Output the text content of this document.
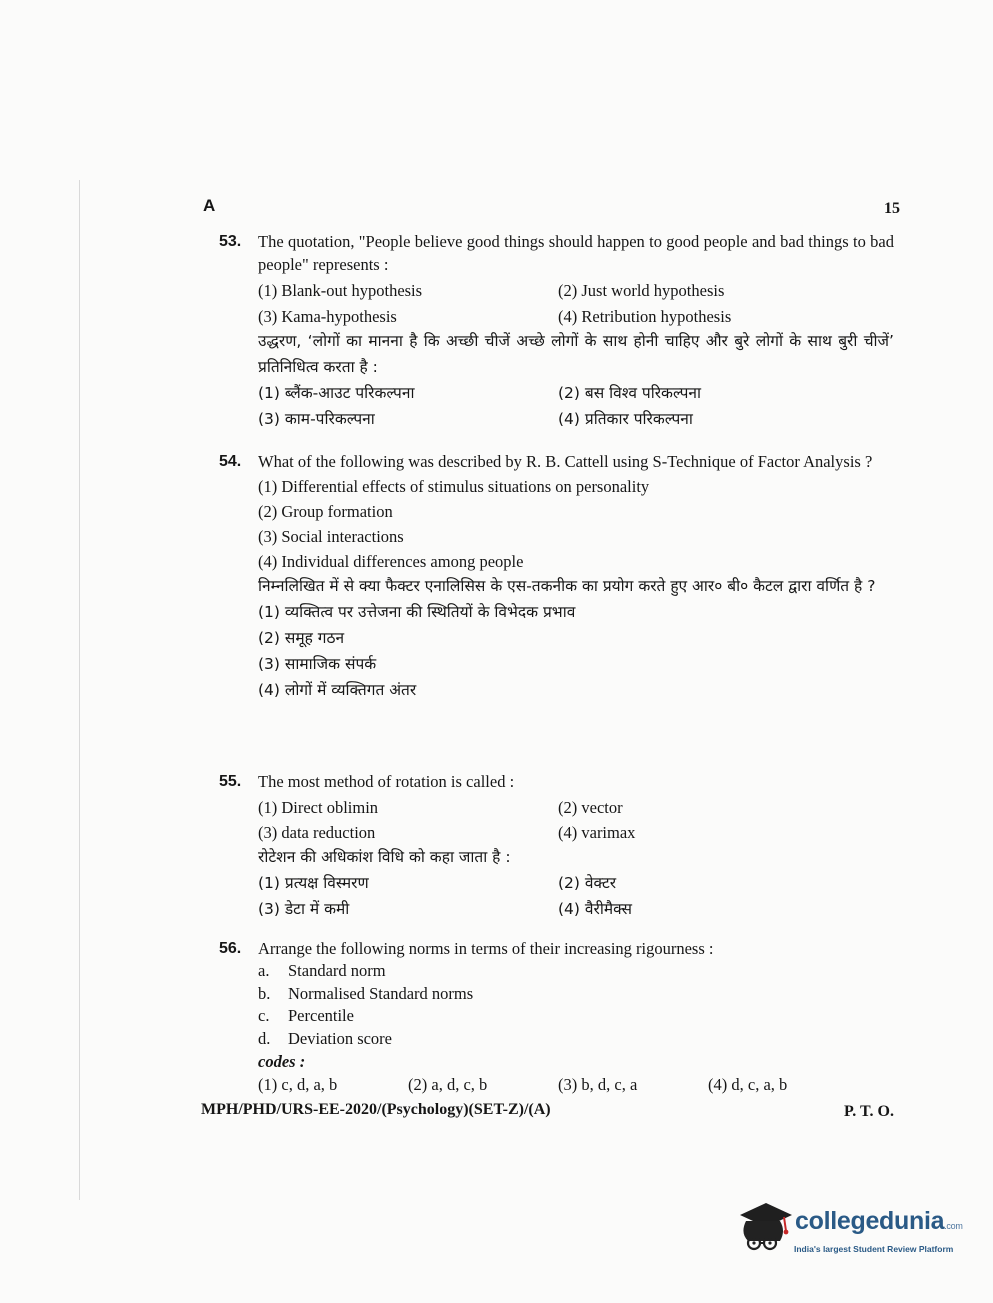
A	15
53. The quotation, "People believe good things should happen to good people and bad things to bad people" represents :
(1) Blank-out hypothesis	(2) Just world hypothesis
(3) Kama-hypothesis	(4) Retribution hypothesis
उद्धरण, ‘लोगों का मानना है कि अच्छी चीजें अच्छे लोगों के साथ होनी चाहिए और बुरे लोगों के साथ बुरी चीजें’ प्रतिनिधित्व करता है :
(1) ब्लैंक-आउट परिकल्पना	(2) बस विश्व परिकल्पना
(3) काम-परिकल्पना	(4) प्रतिकार परिकल्पना
54. What of the following was described by R. B. Cattell using S-Technique of Factor Analysis ?
(1) Differential effects of stimulus situations on personality
(2) Group formation
(3) Social interactions
(4) Individual differences among people
निम्नलिखित में से क्या फैक्टर एनालिसिस के एस-तकनीक का प्रयोग करते हुए आर० बी० कैटल द्वारा वर्णित है ?
(1) व्यक्तित्व पर उत्तेजना की स्थितियों के विभेदक प्रभाव
(2) समूह गठन
(3) सामाजिक संपर्क
(4) लोगों में व्यक्तिगत अंतर
55. The most method of rotation is called :
(1) Direct oblimin	(2) vector
(3) data reduction	(4) varimax
रोटेशन की अधिकांश विधि को कहा जाता है :
(1) प्रत्यक्ष विस्मरण	(2) वेक्टर
(3) डेटा में कमी	(4) वैरीमैक्स
56. Arrange the following norms in terms of their increasing rigourness :
a.	Standard norm
b.	Normalised Standard norms
c.	Percentile
d.	Deviation score
codes :
(1) c, d, a, b	(2) a, d, c, b	(3) b, d, c, a	(4) d, c, a, b
MPH/PHD/URS-EE-2020/(Psychology)(SET-Z)/(A)	P. T. O.
collegedunia.com
India's largest Student Review Platform
